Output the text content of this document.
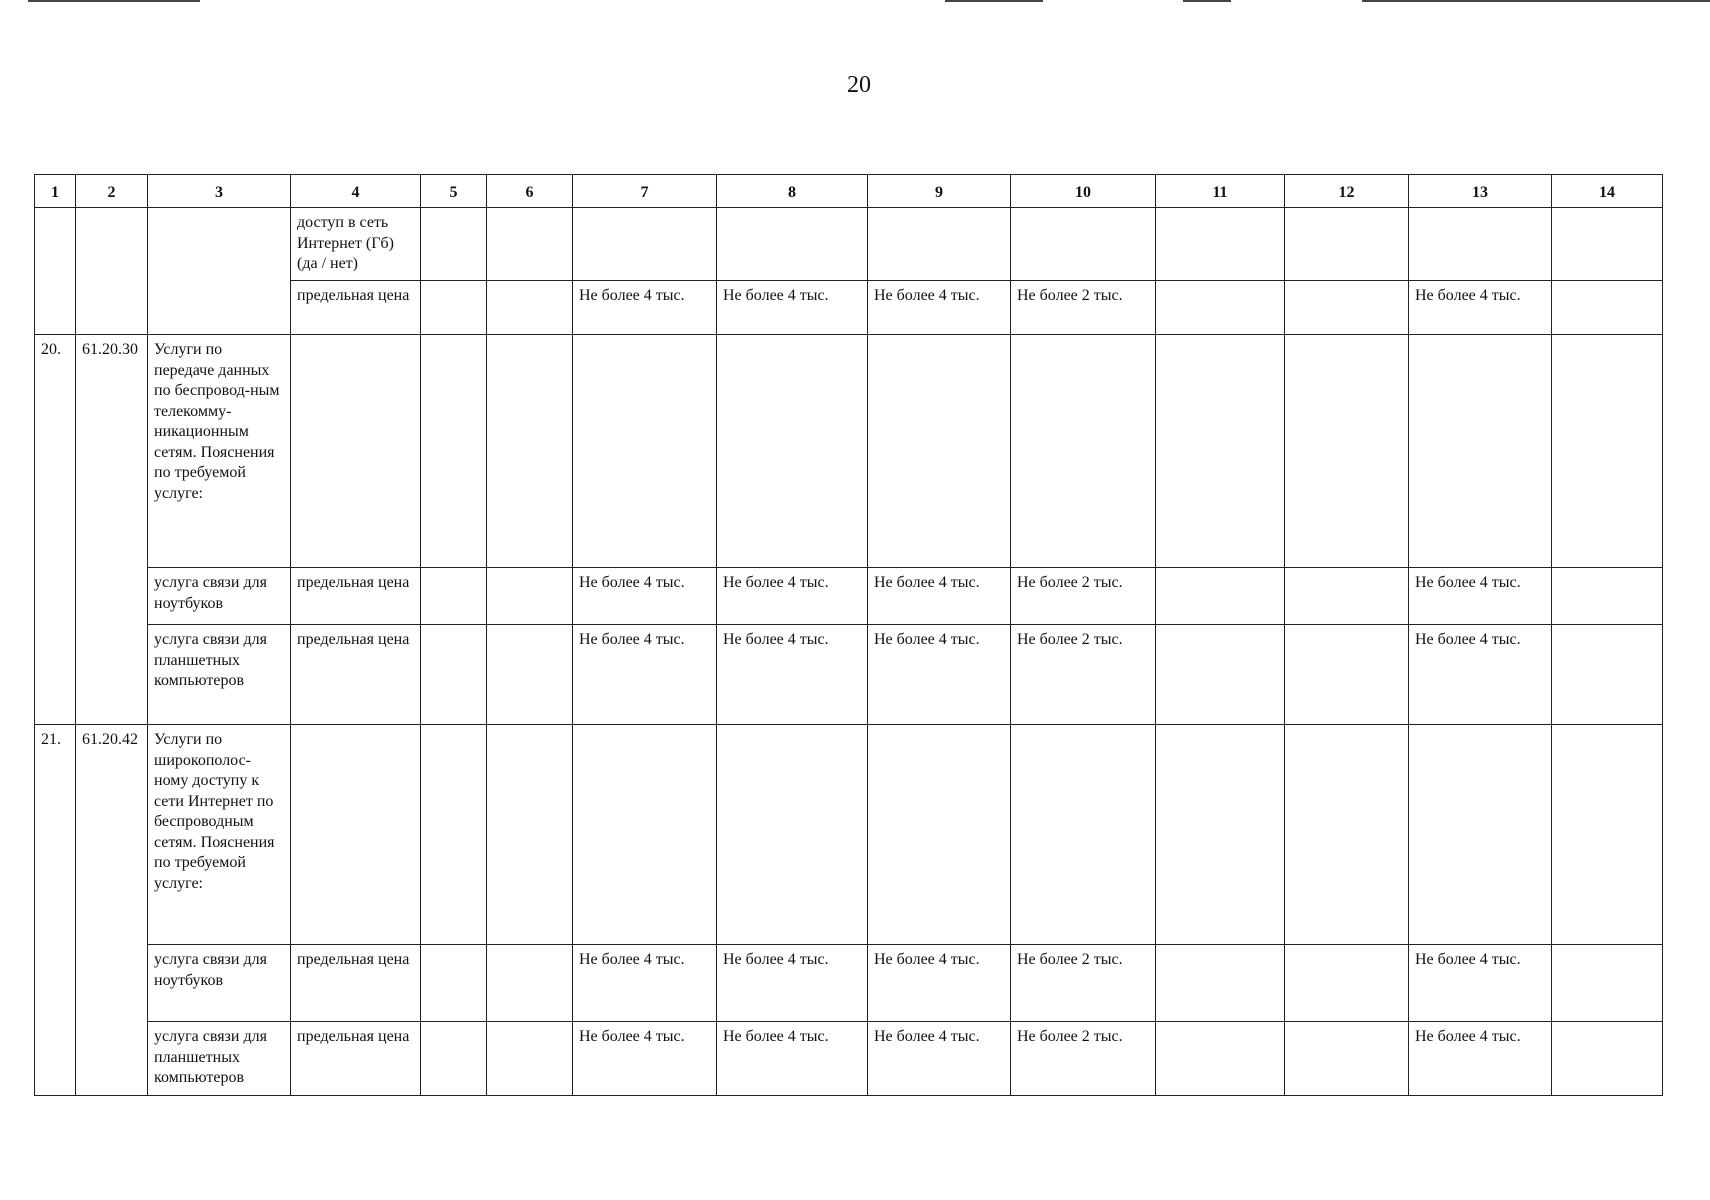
20
1	2	3	4	5	6	7	8	9	10	11	12	13	14
			доступ в сеть Интернет (Гб) (да / нет)										
			предельная цена			Не более 4 тыс.	Не более 4 тыс.	Не более 4 тыс.	Не более 2 тыс.			Не более 4 тыс.	
20.	61.20.30	Услуги по передаче данных по беспровод-ным телекомму-никационным сетям. Пояснения по требуемой услуге:											
		услуга связи для ноутбуков	предельная цена			Не более 4 тыс.	Не более 4 тыс.	Не более 4 тыс.	Не более 2 тыс.			Не более 4 тыс.	
		услуга связи для планшетных компьютеров	предельная цена			Не более 4 тыс.	Не более 4 тыс.	Не более 4 тыс.	Не более 2 тыс.			Не более 4 тыс.	
21.	61.20.42	Услуги по широкополос-ному доступу к сети Интернет по беспроводным сетям. Пояснения по требуемой услуге:											
		услуга связи для ноутбуков	предельная цена			Не более 4 тыс.	Не более 4 тыс.	Не более 4 тыс.	Не более 2 тыс.			Не более 4 тыс.	
		услуга связи для планшетных компьютеров	предельная цена			Не более 4 тыс.	Не более 4 тыс.	Не более 4 тыс.	Не более 2 тыс.			Не более 4 тыс.	
